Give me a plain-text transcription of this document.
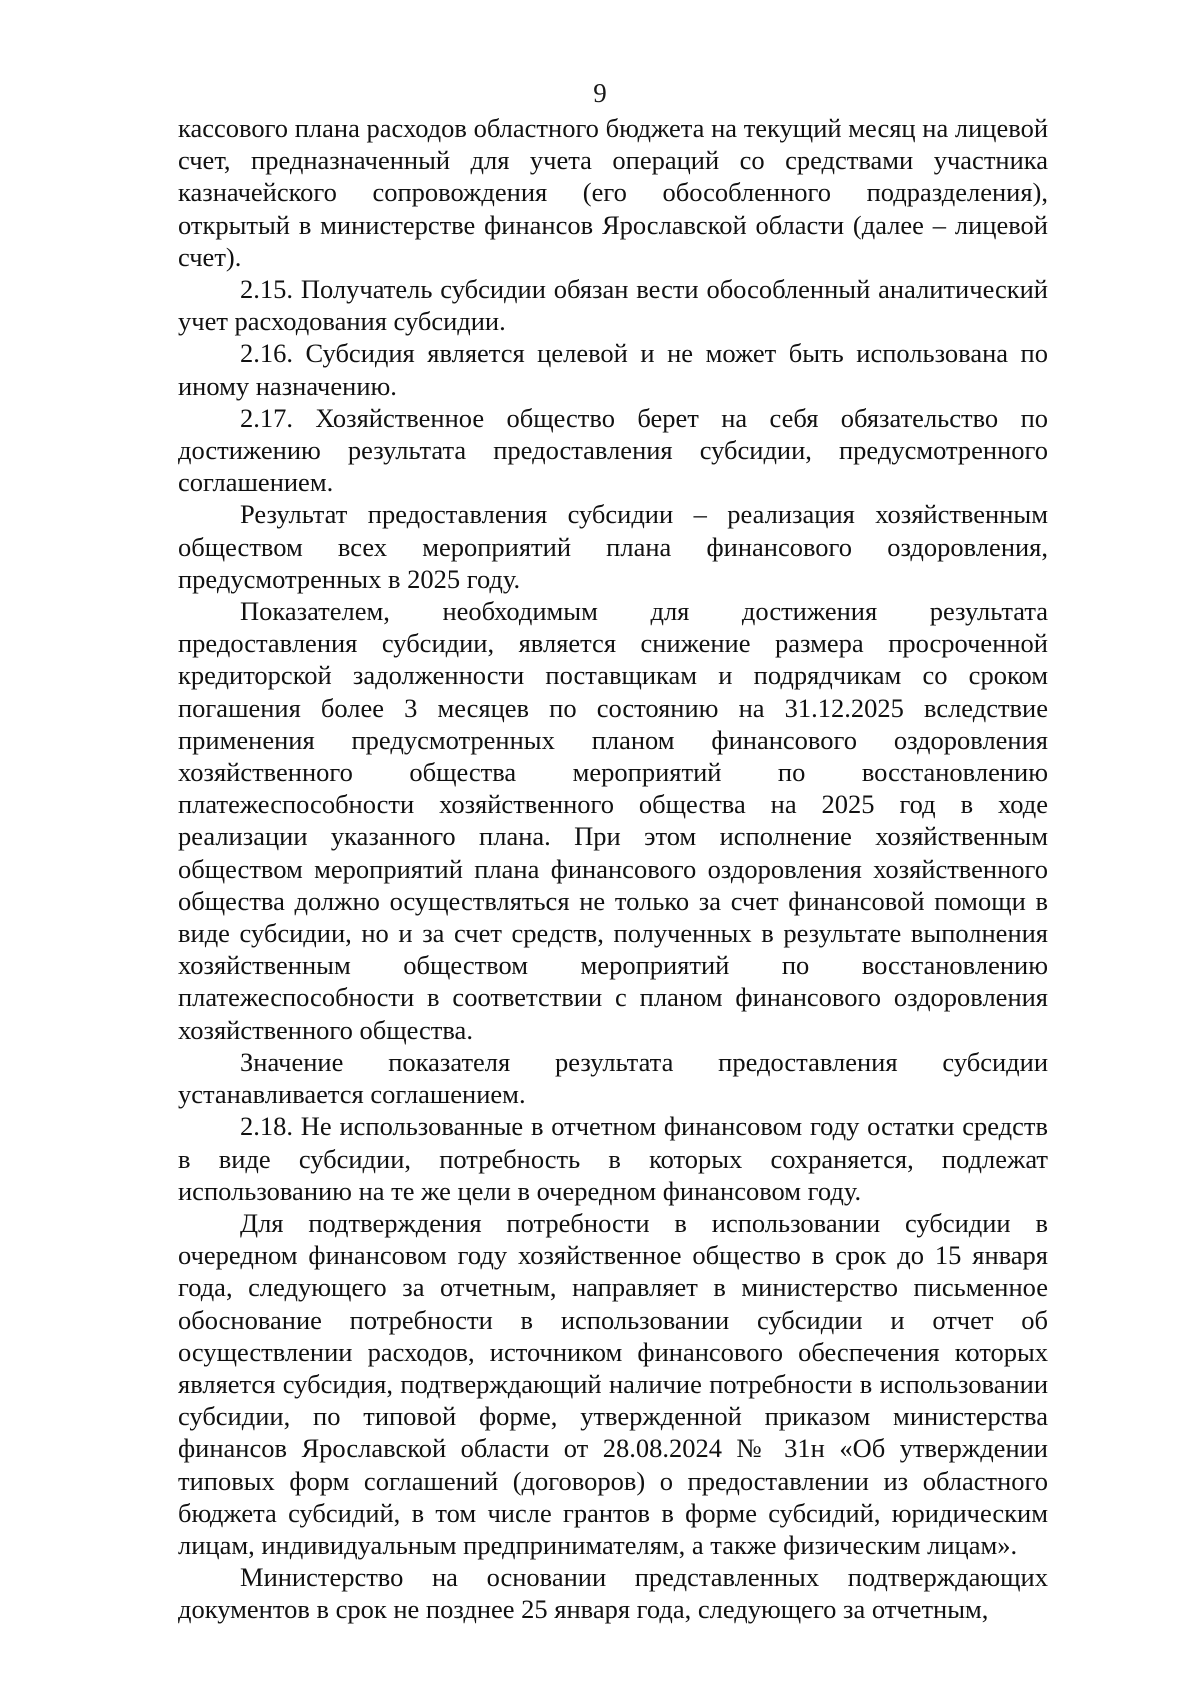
9

кассового плана расходов областного бюджета на текущий месяц на лицевой счет, предназначенный для учета операций со средствами участника казначейского сопровождения (его обособленного подразделения), открытый в министерстве финансов Ярославской области (далее – лицевой счет).

2.15. Получатель субсидии обязан вести обособленный аналитический учет расходования субсидии.

2.16. Субсидия является целевой и не может быть использована по иному назначению.

2.17. Хозяйственное общество берет на себя обязательство по достижению результата предоставления субсидии, предусмотренного соглашением.

Результат предоставления субсидии – реализация хозяйственным обществом всех мероприятий плана финансового оздоровления, предусмотренных в 2025 году.

Показателем, необходимым для достижения результата предоставления субсидии, является снижение размера просроченной кредиторской задолженности поставщикам и подрядчикам со сроком погашения более 3 месяцев по состоянию на 31.12.2025 вследствие применения предусмотренных планом финансового оздоровления хозяйственного общества мероприятий по восстановлению платежеспособности хозяйственного общества на 2025 год в ходе реализации указанного плана. При этом исполнение хозяйственным обществом мероприятий плана финансового оздоровления хозяйственного общества должно осуществляться не только за счет финансовой помощи в виде субсидии, но и за счет средств, полученных в результате выполнения хозяйственным обществом мероприятий по восстановлению платежеспособности в соответствии с планом финансового оздоровления хозяйственного общества.

Значение показателя результата предоставления субсидии устанавливается соглашением.

2.18. Не использованные в отчетном финансовом году остатки средств в виде субсидии, потребность в которых сохраняется, подлежат использованию на те же цели в очередном финансовом году.

Для подтверждения потребности в использовании субсидии в очередном финансовом году хозяйственное общество в срок до 15 января года, следующего за отчетным, направляет в министерство письменное обоснование потребности в использовании субсидии и отчет об осуществлении расходов, источником финансового обеспечения которых является субсидия, подтверждающий наличие потребности в использовании субсидии, по типовой форме, утвержденной приказом министерства финансов Ярославской области от 28.08.2024 № 31н «Об утверждении типовых форм соглашений (договоров) о предоставлении из областного бюджета субсидий, в том числе грантов в форме субсидий, юридическим лицам, индивидуальным предпринимателям, а также физическим лицам».

Министерство на основании представленных подтверждающих документов в срок не позднее 25 января года, следующего за отчетным,
